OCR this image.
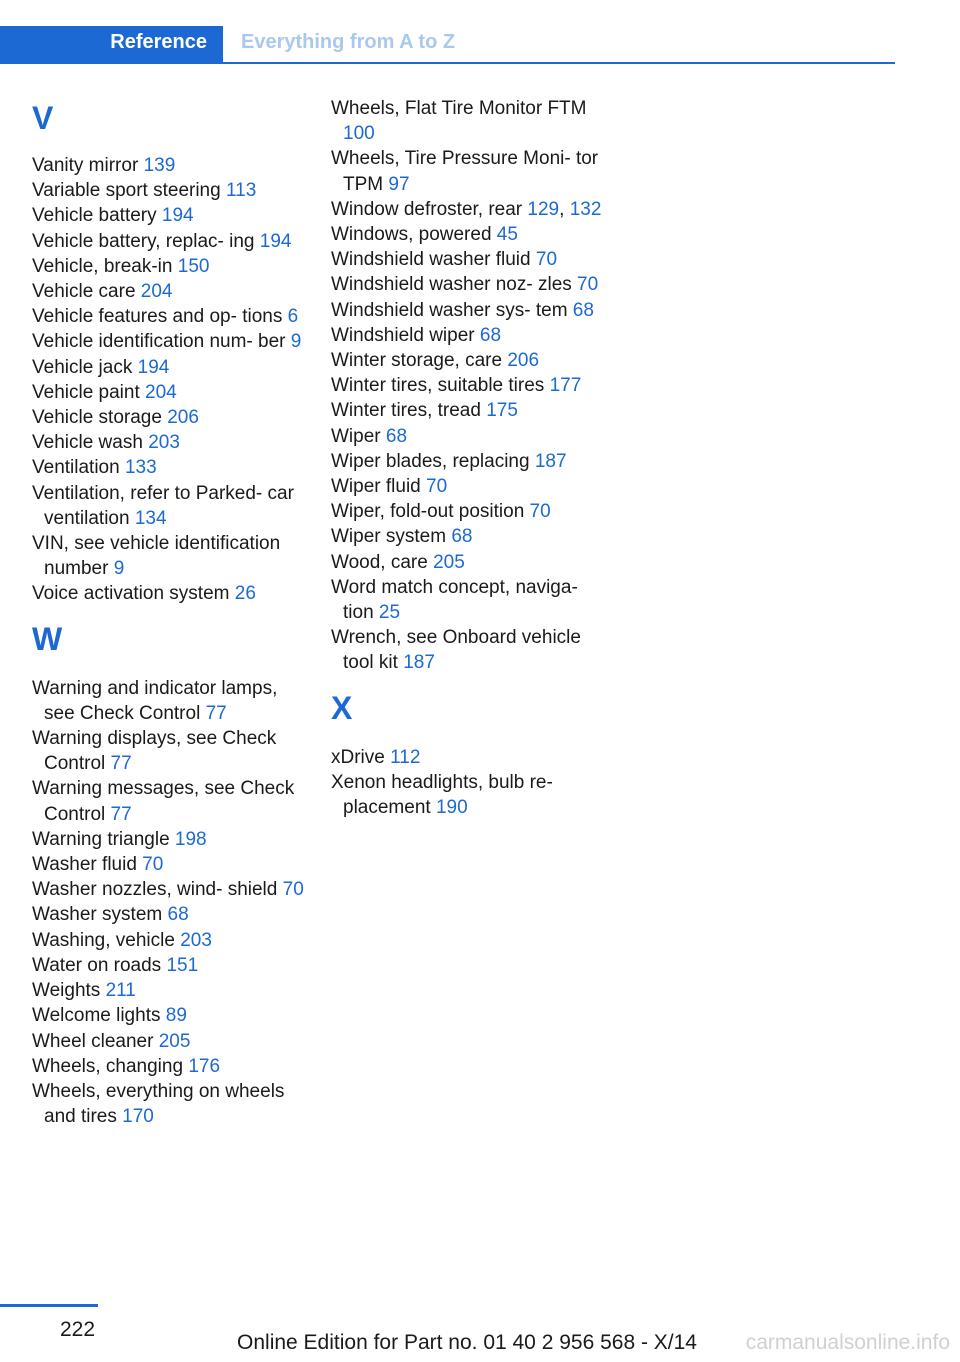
Reference Everything from A to Z
V
Vanity mirror 139
Variable sport steering 113
Vehicle battery 194
Vehicle battery, replac- ing 194
Vehicle, break-in 150
Vehicle care 204
Vehicle features and op- tions 6
Vehicle identification num- ber 9
Vehicle jack 194
Vehicle paint 204
Vehicle storage 206
Vehicle wash 203
Ventilation 133
Ventilation, refer to Parked- car ventilation 134
VIN, see vehicle identification number 9
Voice activation system 26
W
Warning and indicator lamps, see Check Control 77
Warning displays, see Check Control 77
Warning messages, see Check Control 77
Warning triangle 198
Washer fluid 70
Washer nozzles, wind- shield 70
Washer system 68
Washing, vehicle 203
Water on roads 151
Weights 211
Welcome lights 89
Wheel cleaner 205
Wheels, changing 176
Wheels, everything on wheels and tires 170
Wheels, Flat Tire Monitor FTM 100
Wheels, Tire Pressure Moni- tor TPM 97
Window defroster, rear 129, 132
Windows, powered 45
Windshield washer fluid 70
Windshield washer noz- zles 70
Windshield washer sys- tem 68
Windshield wiper 68
Winter storage, care 206
Winter tires, suitable tires 177
Winter tires, tread 175
Wiper 68
Wiper blades, replacing 187
Wiper fluid 70
Wiper, fold-out position 70
Wiper system 68
Wood, care 205
Word match concept, naviga- tion 25
Wrench, see Onboard vehicle tool kit 187
X
xDrive 112
Xenon headlights, bulb re- placement 190
222
Online Edition for Part no. 01 40 2 956 568 - X/14 carmanualsonline.info
